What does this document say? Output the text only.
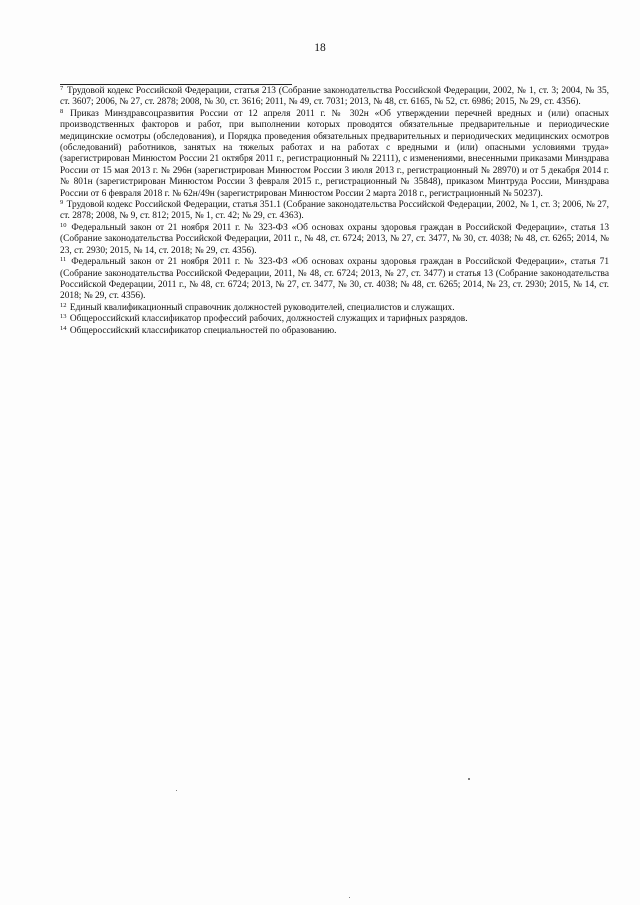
18

$^7$ Трудовой кодекс Российской Федерации, статья 213 (Собрание законодательства Российской Федерации, 2002, № 1, ст. 3; 2004, № 35, ст. 3607; 2006, № 27, ст. 2878; 2008, № 30, ст. 3616; 2011, № 49, ст. 7031; 2013, № 48, ст. 6165, № 52, ст. 6986; 2015, № 29, ст. 4356).

$^8$ Приказ Минздравсоцразвития России от 12 апреля 2011 г. № 302н «Об утверждении перечней вредных и (или) опасных производственных факторов и работ, при выполнении которых проводятся обязательные предварительные и периодические медицинские осмотры (обследования), и Порядка проведения обязательных предварительных и периодических медицинских осмотров (обследований) работников, занятых на тяжелых работах и на работах с вредными и (или) опасными условиями труда» (зарегистрирован Минюстом России 21 октября 2011 г., регистрационный № 22111), с изменениями, внесенными приказами Минздрава России от 15 мая 2013 г. № 296н (зарегистрирован Минюстом России 3 июля 2013 г., регистрационный № 28970) и от 5 декабря 2014 г. № 801н (зарегистрирован Минюстом России 3 февраля 2015 г., регистрационный № 35848), приказом Минтруда России, Минздрава России от 6 февраля 2018 г. № 62н/49н (зарегистрирован Минюстом России 2 марта 2018 г., регистрационный № 50237).

$^9$ Трудовой кодекс Российской Федерации, статья 351.1 (Собрание законодательства Российской Федерации, 2002, № 1, ст. 3; 2006, № 27, ст. 2878; 2008, № 9, ст. 812; 2015, № 1, ст. 42; № 29, ст. 4363).

$^{10}$ Федеральный закон от 21 ноября 2011 г. № 323-ФЗ «Об основах охраны здоровья граждан в Российской Федерации», статья 13 (Собрание законодательства Российской Федерации, 2011 г., № 48, ст. 6724; 2013, № 27, ст. 3477, № 30, ст. 4038; № 48, ст. 6265; 2014, № 23, ст. 2930; 2015, № 14, ст. 2018; № 29, ст. 4356).

$^{11}$ Федеральный закон от 21 ноября 2011 г. № 323-ФЗ «Об основах охраны здоровья граждан в Российской Федерации», статья 71 (Собрание законодательства Российской Федерации, 2011, № 48, ст. 6724; 2013, № 27, ст. 3477) и статья 13 (Собрание законодательства Российской Федерации, 2011 г., № 48, ст. 6724; 2013, № 27, ст. 3477, № 30, ст. 4038; № 48, ст. 6265; 2014, № 23, ст. 2930; 2015, № 14, ст. 2018; № 29, ст. 4356).

$^{12}$ Единый квалификационный справочник должностей руководителей, специалистов и служащих.

$^{13}$ Общероссийский классификатор профессий рабочих, должностей служащих и тарифных разрядов.

$^{14}$ Общероссийский классификатор специальностей по образованию.
